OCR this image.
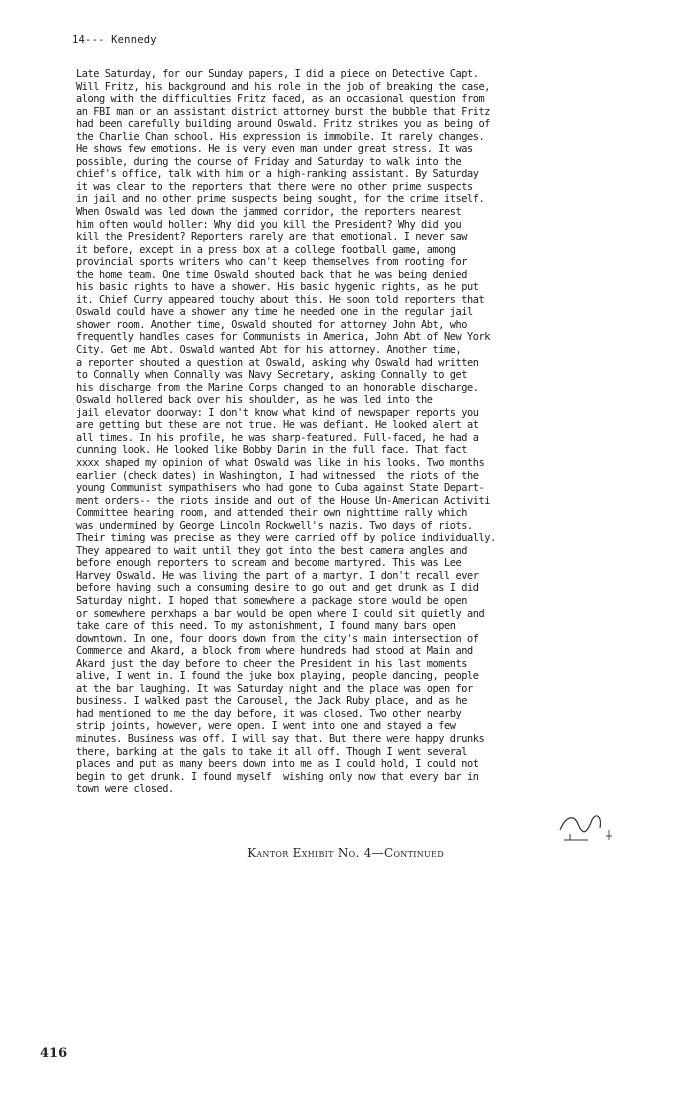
14--- Kennedy
Late Saturday, for our Sunday papers, I did a piece on Detective Capt.
Will Fritz, his background and his role in the job of breaking the case,
along with the difficulties Fritz faced, as an occasional question from
an FBI man or an assistant district attorney burst the bubble that Fritz
had been carefully building around Oswald. Fritz strikes you as being of
the Charlie Chan school. His expression is immobile. It rarely changes.
He shows few emotions. He is very even man under great stress. It was
possible, during the course of Friday and Saturday to walk into the
chief's office, talk with him or a high-ranking assistant. By Saturday
it was clear to the reporters that there were no other prime suspects
in jail and no other prime suspects being sought, for the crime itself.
When Oswald was led down the jammed corridor, the reporters nearest
him often would holler: Why did you kill the President? Why did you
kill the President? Reporters rarely are that emotional. I never saw
it before, except in a press box at a college football game, among
provincial sports writers who can't keep themselves from rooting for
the home team. One time Oswald shouted back that he was being denied
his basic rights to have a shower. His basic hygenic rights, as he put
it. Chief Curry appeared touchy about this. He soon told reporters that
Oswald could have a shower any time he needed one in the regular jail
shower room. Another time, Oswald shouted for attorney John Abt, who
frequently handles cases for Communists in America, John Abt of New York
City. Get me Abt. Oswald wanted Abt for his attorney. Another time,
a reporter shouted a question at Oswald, asking why Oswald had written
to Connally when Connally was Navy Secretary, asking Connally to get
his discharge from the Marine Corps changed to an honorable discharge.
Oswald hollered back over his shoulder, as he was led into the
jail elevator doorway: I don't know what kind of newspaper reports you
are getting but these are not true. He was defiant. He looked alert at
all times. In his profile, he was sharp-featured. Full-faced, he had a
cunning look. He looked like Bobby Darin in the full face. That fact
xxxx shaped my opinion of what Oswald was like in his looks. Two months
earlier (check dates) in Washington, I had witnessed  the riots of the
young Communist sympathisers who had gone to Cuba against State Depart-
ment orders-- the riots inside and out of the House Un-American Activiti
Committee hearing room, and attended their own nighttime rally which
was undermined by George Lincoln Rockwell's nazis. Two days of riots.
Their timing was precise as they were carried off by police individually.
They appeared to wait until they got into the best camera angles and
before enough reporters to scream and become martyred. This was Lee
Harvey Oswald. He was living the part of a martyr. I don't recall ever
before having such a consuming desire to go out and get drunk as I did
Saturday night. I hoped that somewhere a package store would be open
or somewhere perxhaps a bar would be open where I could sit quietly and
take care of this need. To my astonishment, I found many bars open
downtown. In one, four doors down from the city's main intersection of
Commerce and Akard, a block from where hundreds had stood at Main and
Akard just the day before to cheer the President in his last moments
alive, I went in. I found the juke box playing, people dancing, people
at the bar laughing. It was Saturday night and the place was open for
business. I walked past the Carousel, the Jack Ruby place, and as he
had mentioned to me the day before, it was closed. Two other nearby
strip joints, however, were open. I went into one and stayed a few
minutes. Business was off. I will say that. But there were happy drunks
there, barking at the gals to take it all off. Though I went several
places and put as many beers down into me as I could hold, I could not
begin to get drunk. I found myself  wishing only now that every bar in
town were closed.
Kantor Exhibit No. 4—Continued
416
